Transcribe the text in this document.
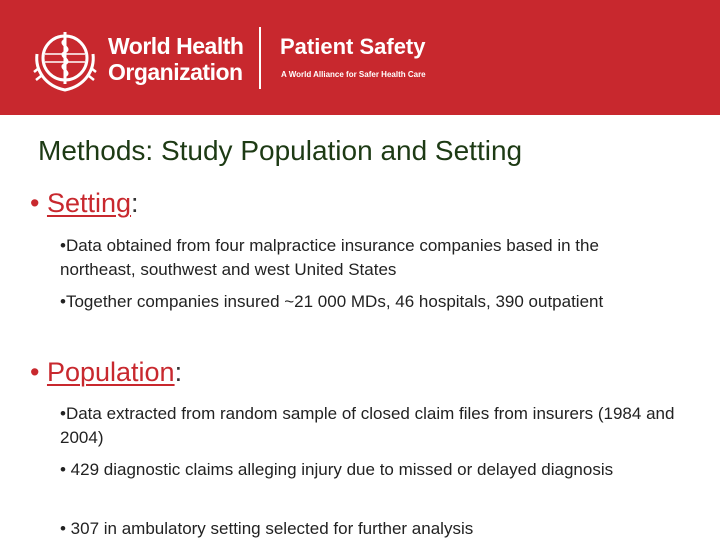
World Health
Organization
Patient Safety
A World Alliance for Safer Health Care
Methods: Study Population and Setting
• Setting:
•Data obtained from four malpractice insurance companies based in the northeast, southwest and west United States
•Together companies insured ~21 000 MDs, 46 hospitals, 390 outpatient
• Population:
•Data extracted from random sample of closed claim files from insurers (1984 and 2004)
• 429 diagnostic claims alleging injury due to missed or delayed diagnosis
• 307 in ambulatory setting selected for further analysis
